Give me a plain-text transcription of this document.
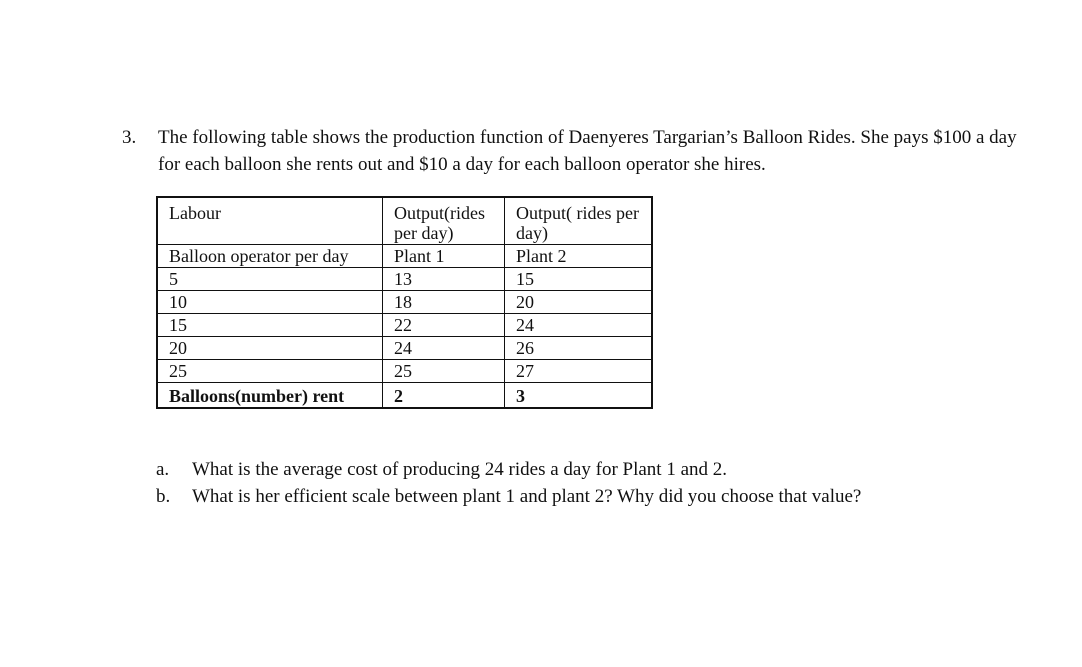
3. The following table shows the production function of Daenyeres Targarian’s Balloon Rides. She pays $100 a day for each balloon she rents out and $10 a day for each balloon operator she hires.
Labour	Output(rides per day)	Output( rides per day)
Balloon operator per day	Plant 1	Plant 2
5	13	15
10	18	20
15	22	24
20	24	26
25	25	27
Balloons(number) rent	2	3
a. What is the average cost of producing 24 rides a day for Plant 1 and 2.
b. What is her efficient scale between plant 1 and plant 2? Why did you choose that value?
